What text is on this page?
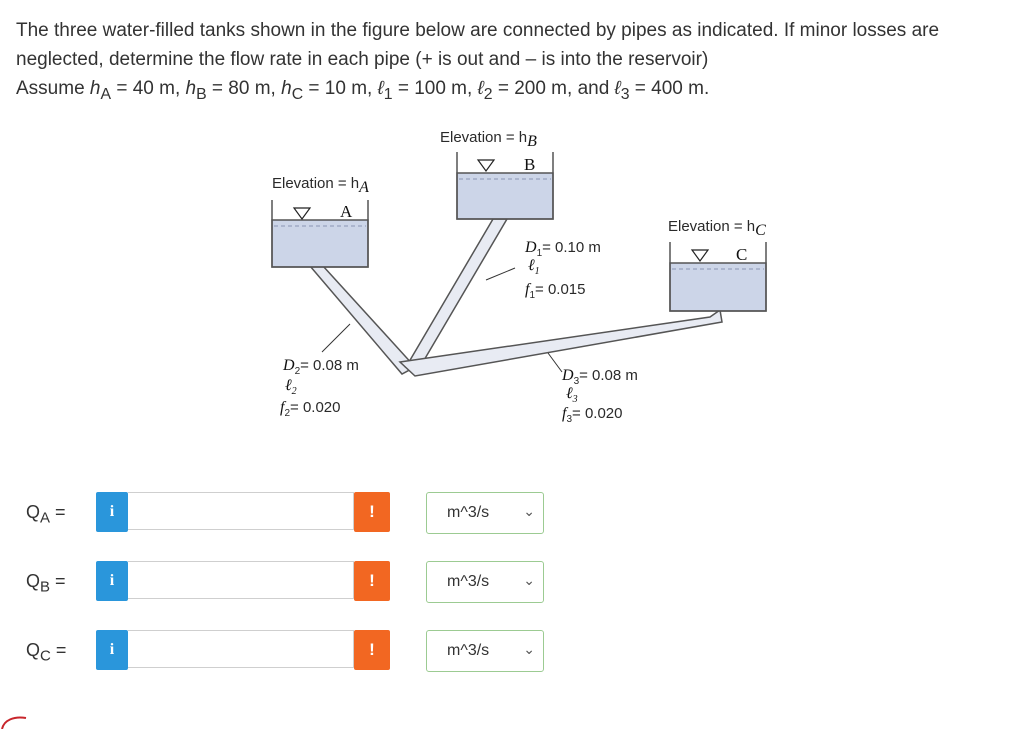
The three water-filled tanks shown in the figure below are connected by pipes as indicated. If minor losses are

neglected, determine the flow rate in each pipe (+ is out and – is into the reservoir)

Assume $h_A = 40$ m, $h_B = 80$ m, $h_C = 10$ m, ℓ$_1$ = 100 m, ℓ$_2$ = 200 m, and ℓ$_3$ = 400 m.

A
Elevation = hA
B
Elevation = hB
C
Elevation = hC
$D_1= 0.10$ m
ℓ$_1$
$f_1= 0.015$
$D_2= 0.08$ m
ℓ$_2$
$f_2= 0.020$
$D_3= 0.08$ m
ℓ$_3$
$f_3= 0.020$
$Q_A$ =	i	!	m^3/s ⌄
$Q_B$ =	i	!	m^3/s ⌄
$Q_C$ =	i	!	m^3/s ⌄
